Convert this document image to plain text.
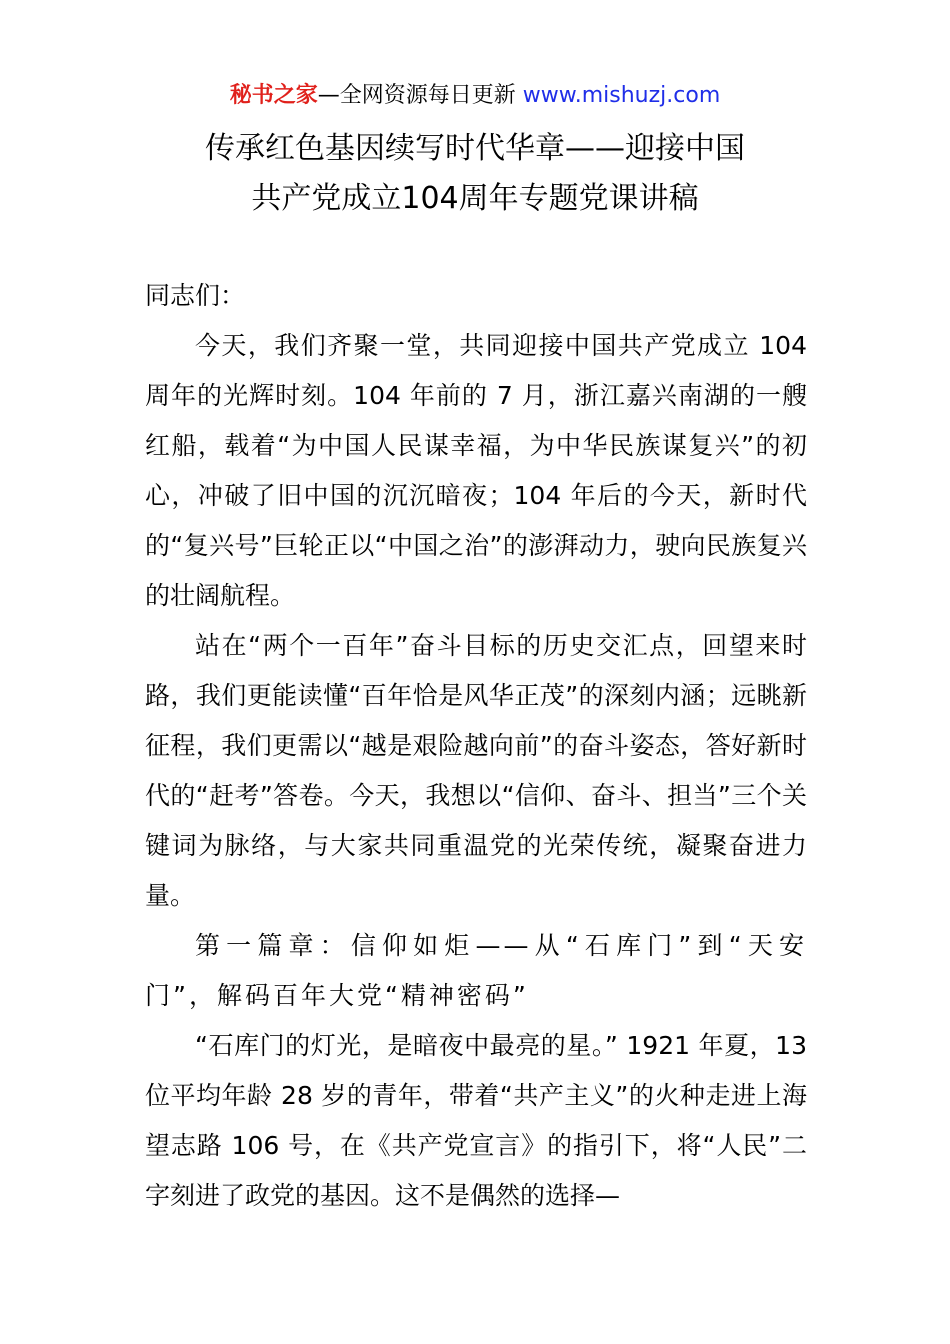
秘书之家—全网资源每日更新 www.mishuzj.com
传承红色基因续写时代华章——迎接中国
共产党成立104周年专题党课讲稿

同志们：

今天，我们齐聚一堂，共同迎接中国共产党成立 104 周年的光辉时刻。104 年前的 7 月，浙江嘉兴南湖的一艘红船，载着“为中国人民谋幸福，为中华民族谋复兴”的初心，冲破了旧中国的沉沉暗夜；104 年后的今天，新时代的“复兴号”巨轮正以“中国之治”的澎湃动力，驶向民族复兴的壮阔航程。

站在“两个一百年”奋斗目标的历史交汇点，回望来时路，我们更能读懂“百年恰是风华正茂”的深刻内涵；远眺新征程，我们更需以“越是艰险越向前”的奋斗姿态，答好新时代的“赶考”答卷。今天，我想以“信仰、奋斗、担当”三个关键词为脉络，与大家共同重温党的光荣传统，凝聚奋进力量。

第一篇章：信仰如炬——从“石库门”到“天安门”，解码百年大党“精神密码”

“石库门的灯光，是暗夜中最亮的星。” 1921 年夏，13 位平均年龄 28 岁的青年，带着“共产主义”的火种走进上海望志路 106 号，在《共产党宣言》的指引下，将“人民”二字刻进了政党的基因。这不是偶然的选择—
